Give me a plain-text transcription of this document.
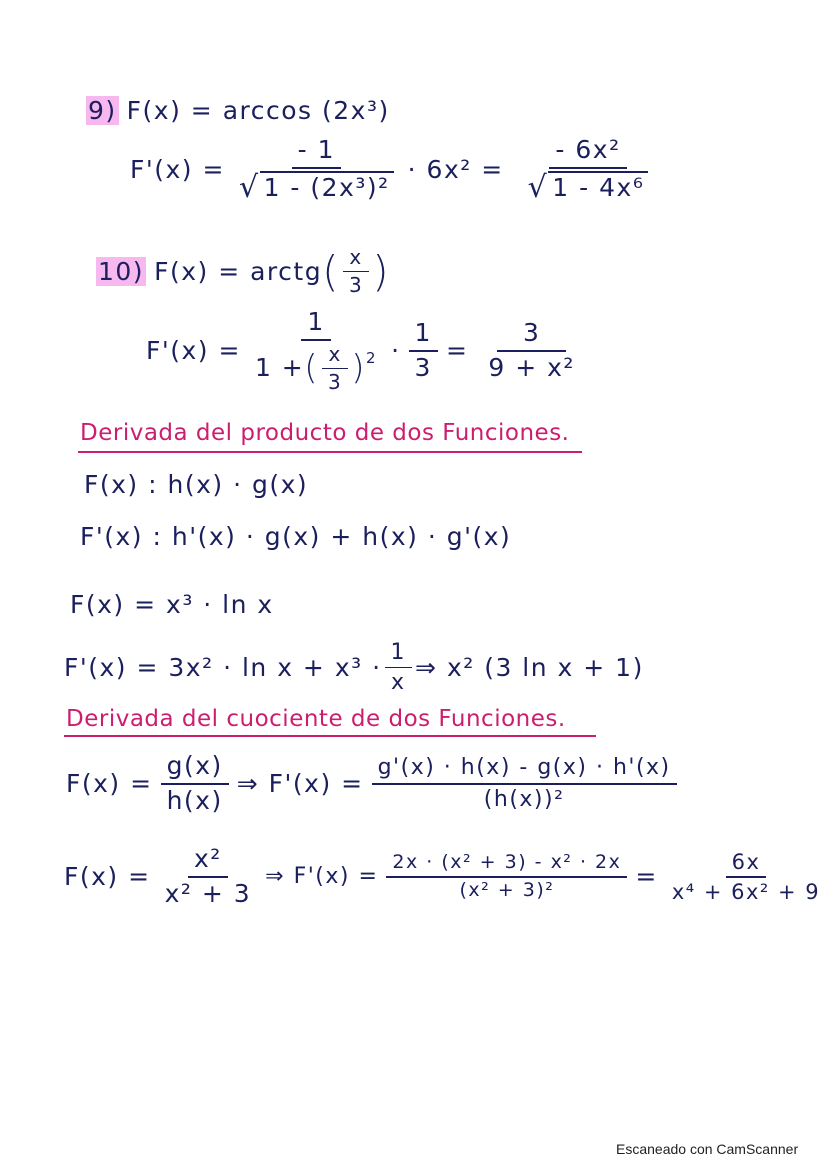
9) F(x) = arccos (2x³)
$F'(x) = \frac{- 1}{\text{√ 1 - (2x³)²}} \cdot 6x^2 = \frac{\text{- 6x²}}{\text{√ 1 - 4x⁶}}$
10) F(x) = arctg ( $\frac{x}{3}$ )
F'(x) =
1
1 + ( $\frac{x}{3}$ ) $2 \cdot \frac{1}{3} = \frac{3}{\text{9 + x²}}$
Derivada del producto de dos Funciones.
F(x) : h(x) · g(x)
F'(x) : h'(x) · g(x) + h(x) · g'(x)
F(x) = x³ · ln x
$F'(x) = 3x^2 \cdot \ln x + x^3 \cdot \frac{1}{x}$ ⇒ x² (3 ln x + 1)
Derivada del cuociente de dos Funciones.
$F(x) = \frac{g(x)}{h(x)}$ ⇒ $F'(x) = \frac{g'(x) \cdot h(x) - g(x) \cdot h'(x)}{\text{(h(x))²}}$
$F(x) = \frac{\text{x²}}{\text{x² + 3}}$ ⇒ $F'(x) = \frac{\text{2x · (x² + 3) - x² · 2x}}{\text{(x² + 3)²}} = \frac{6x}{\text{x⁴ + 6x² + 9}}$
Escaneado con CamScanner
